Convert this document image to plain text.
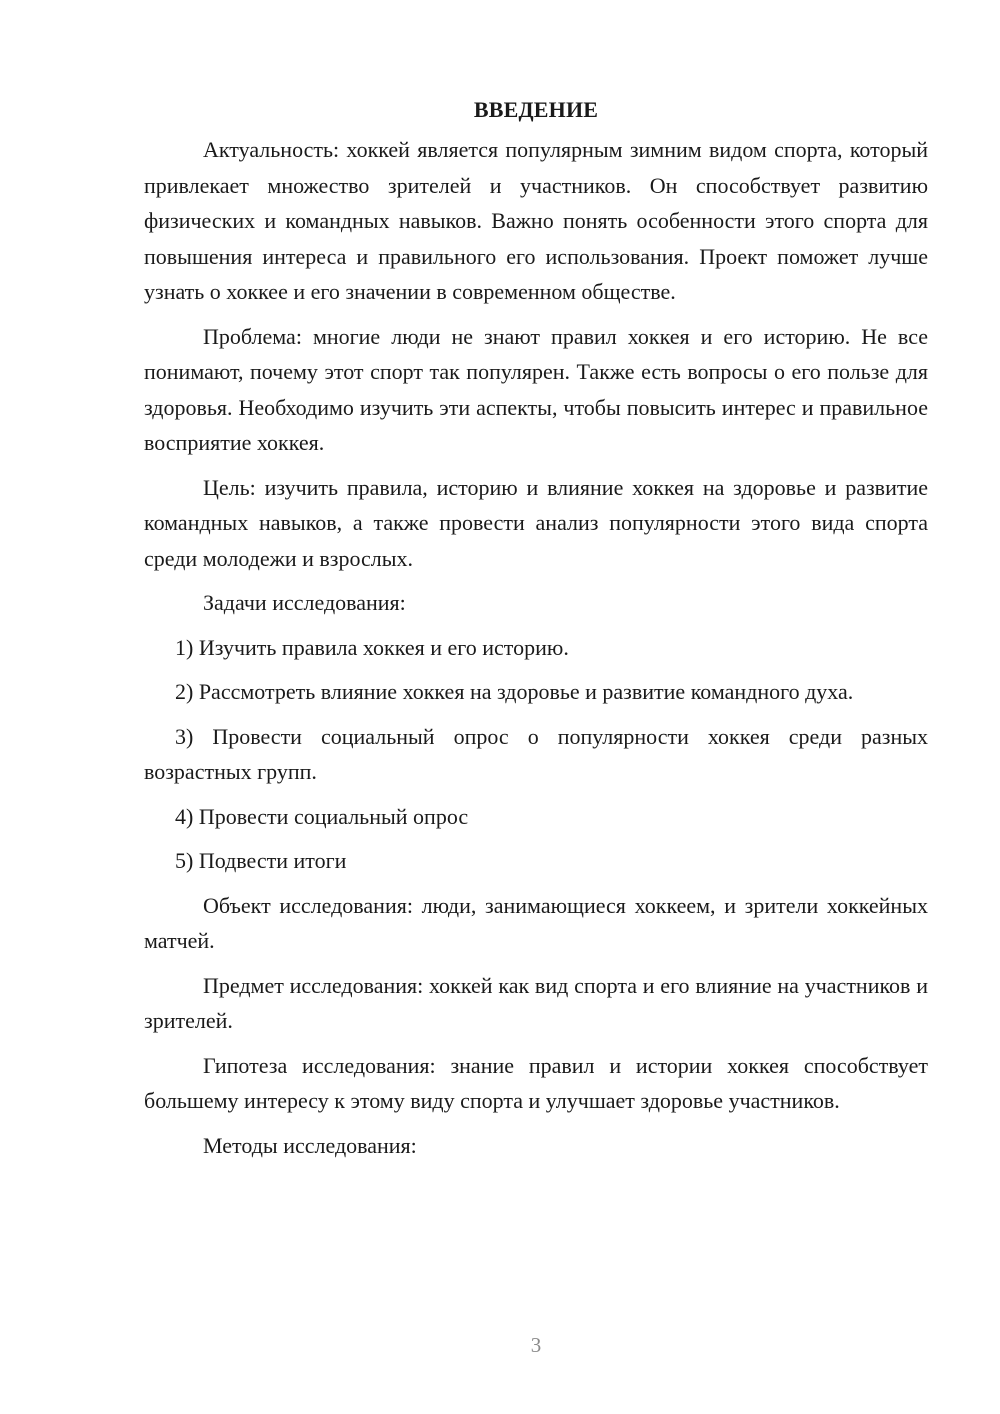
ВВЕДЕНИЕ

Актуальность: хоккей является популярным зимним видом спорта, который привлекает множество зрителей и участников. Он способствует развитию физических и командных навыков. Важно понять особенности этого спорта для повышения интереса и правильного его использования. Проект поможет лучше узнать о хоккее и его значении в современном обществе.

Проблема: многие люди не знают правил хоккея и его историю. Не все понимают, почему этот спорт так популярен. Также есть вопросы о его пользе для здоровья. Необходимо изучить эти аспекты, чтобы повысить интерес и правильное восприятие хоккея.

Цель: изучить правила, историю и влияние хоккея на здоровье и развитие командных навыков, а также провести анализ популярности этого вида спорта среди молодежи и взрослых.

Задачи исследования:

1) Изучить правила хоккея и его историю.

2) Рассмотреть влияние хоккея на здоровье и развитие командного духа.

3) Провести социальный опрос о популярности хоккея среди разных возрастных групп.

4) Провести социальный опрос

5) Подвести итоги

Объект исследования: люди, занимающиеся хоккеем, и зрители хоккейных матчей.

Предмет исследования: хоккей как вид спорта и его влияние на участников и зрителей.

Гипотеза исследования: знание правил и истории хоккея способствует большему интересу к этому виду спорта и улучшает здоровье участников.

Методы исследования:

3
